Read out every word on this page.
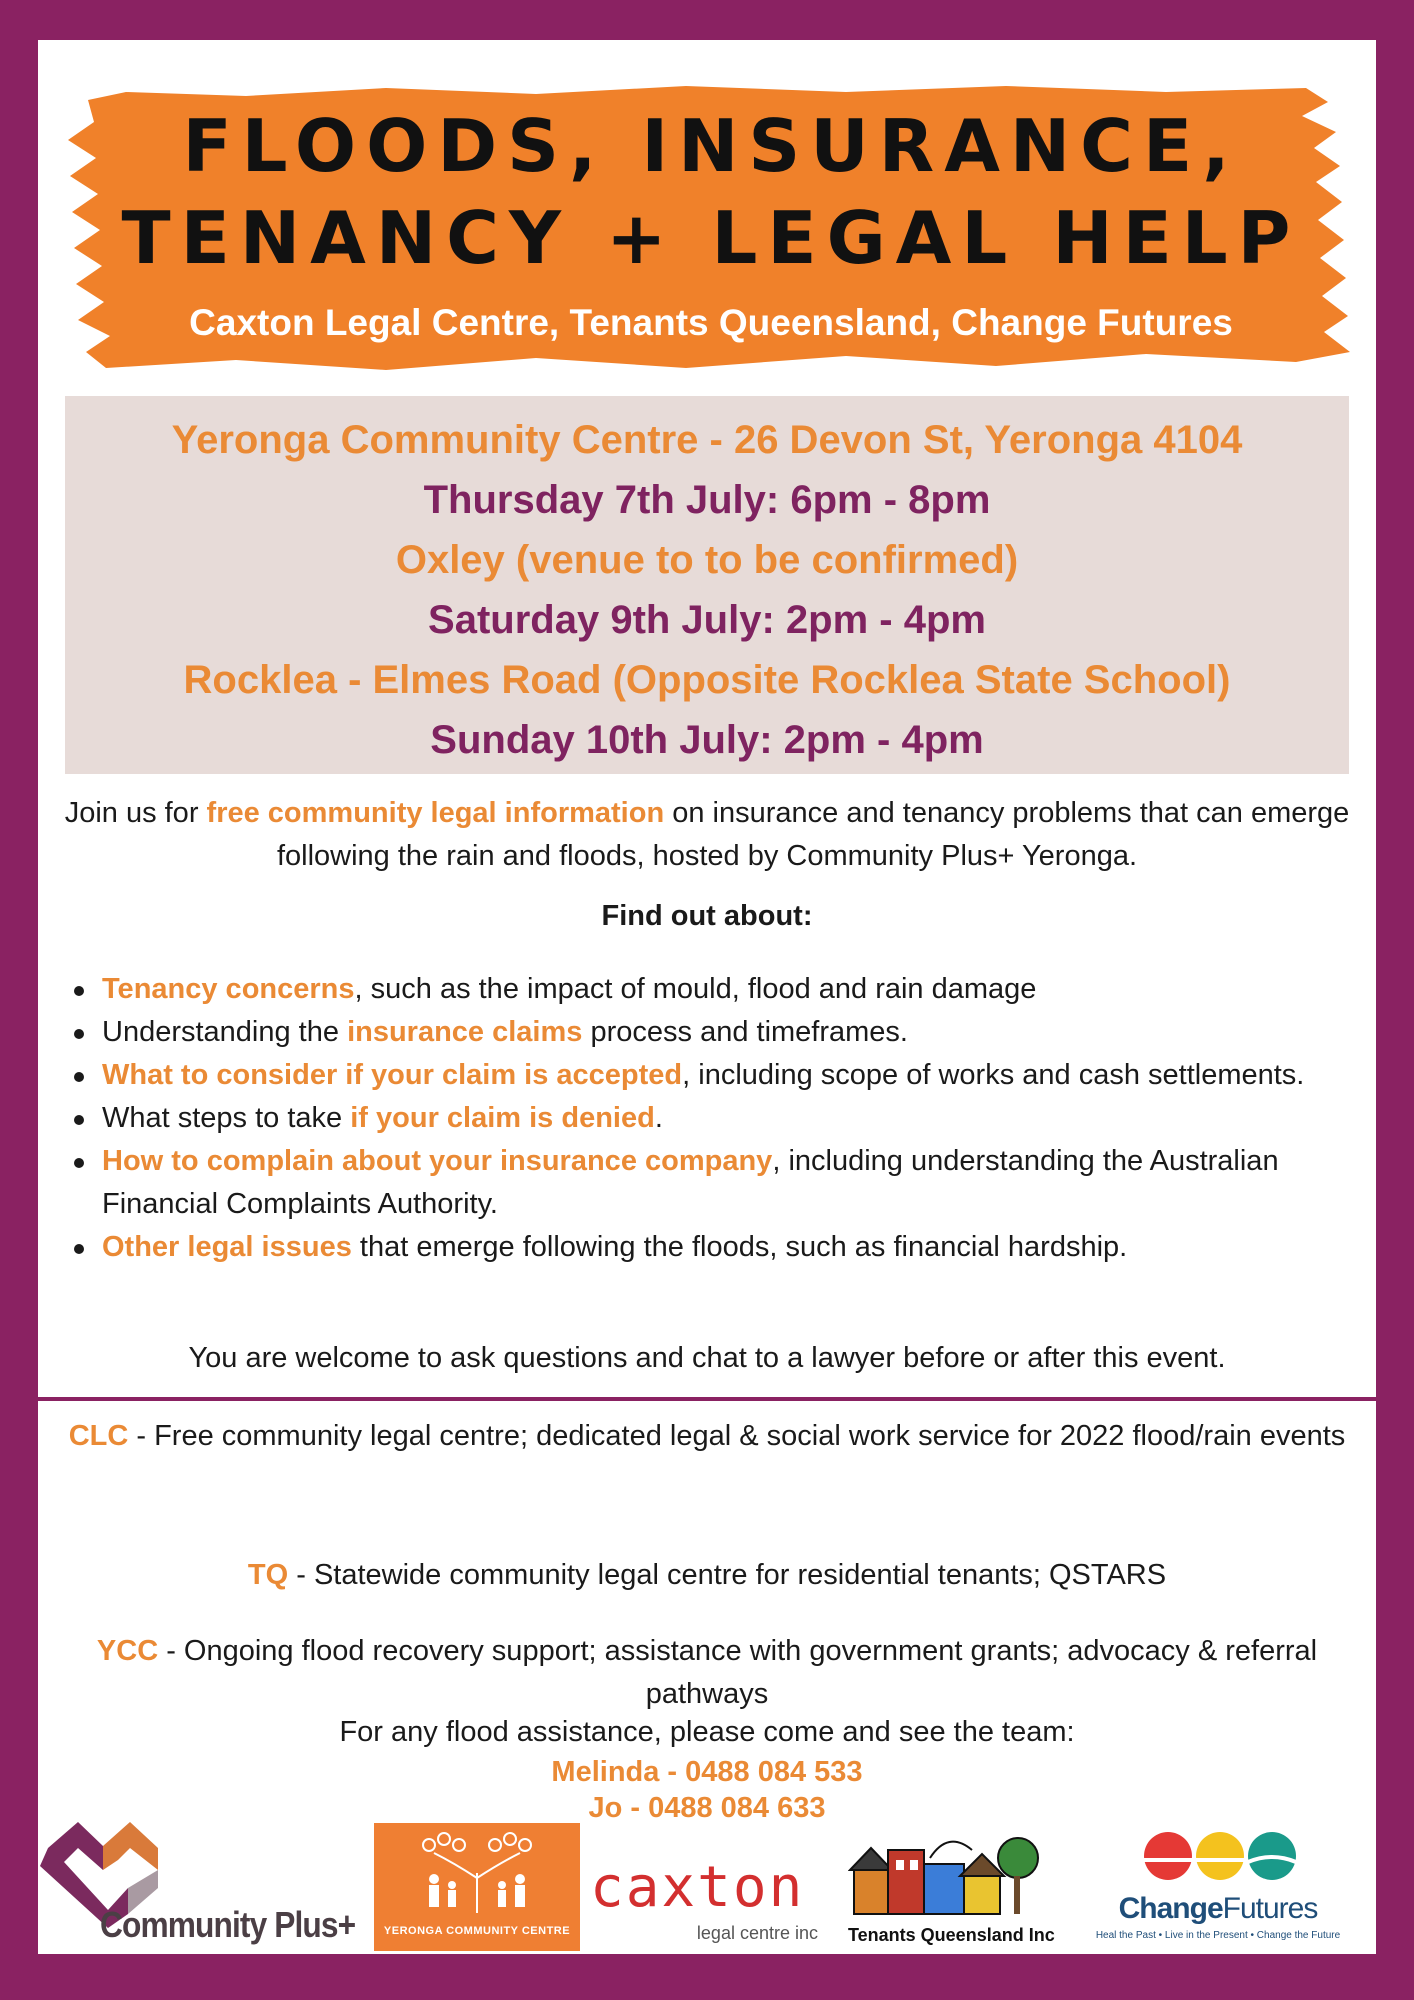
FLOODS, INSURANCE,
TENANCY + LEGAL HELP
Caxton Legal Centre, Tenants Queensland, Change Futures
Yeronga Community Centre - 26 Devon St, Yeronga 4104
Thursday 7th July: 6pm - 8pm
Oxley (venue to to be confirmed)
Saturday 9th July: 2pm - 4pm
Rocklea - Elmes Road (Opposite Rocklea State School)
Sunday 10th July: 2pm - 4pm

Join us for free community legal information on insurance and tenancy problems that can emerge following the rain and floods, hosted by Community Plus+ Yeronga.

Find out about:
Tenancy concerns, such as the impact of mould, flood and rain damage
Understanding the insurance claims process and timeframes.
What to consider if your claim is accepted, including scope of works and cash settlements.
What steps to take if your claim is denied.
How to complain about your insurance company, including understanding the Australian Financial Complaints Authority.
Other legal issues that emerge following the floods, such as financial hardship.
You are welcome to ask questions and chat to a lawyer before or after this event.

CLC - Free community legal centre; dedicated legal & social work service for 2022 flood/rain events

TQ - Statewide community legal centre for residential tenants; QSTARS

YCC - Ongoing flood recovery support; assistance with government grants; advocacy & referral pathways

For any flood assistance, please come and see the team:
Melinda - 0488 084 533
Jo - 0488 084 633
Community Plus+	YERONGA COMMUNITY CENTRE
caxton
legal centre inc Tenants Queensland Inc
ChangeFutures
Heal the Past • Live in the Present • Change the Future
